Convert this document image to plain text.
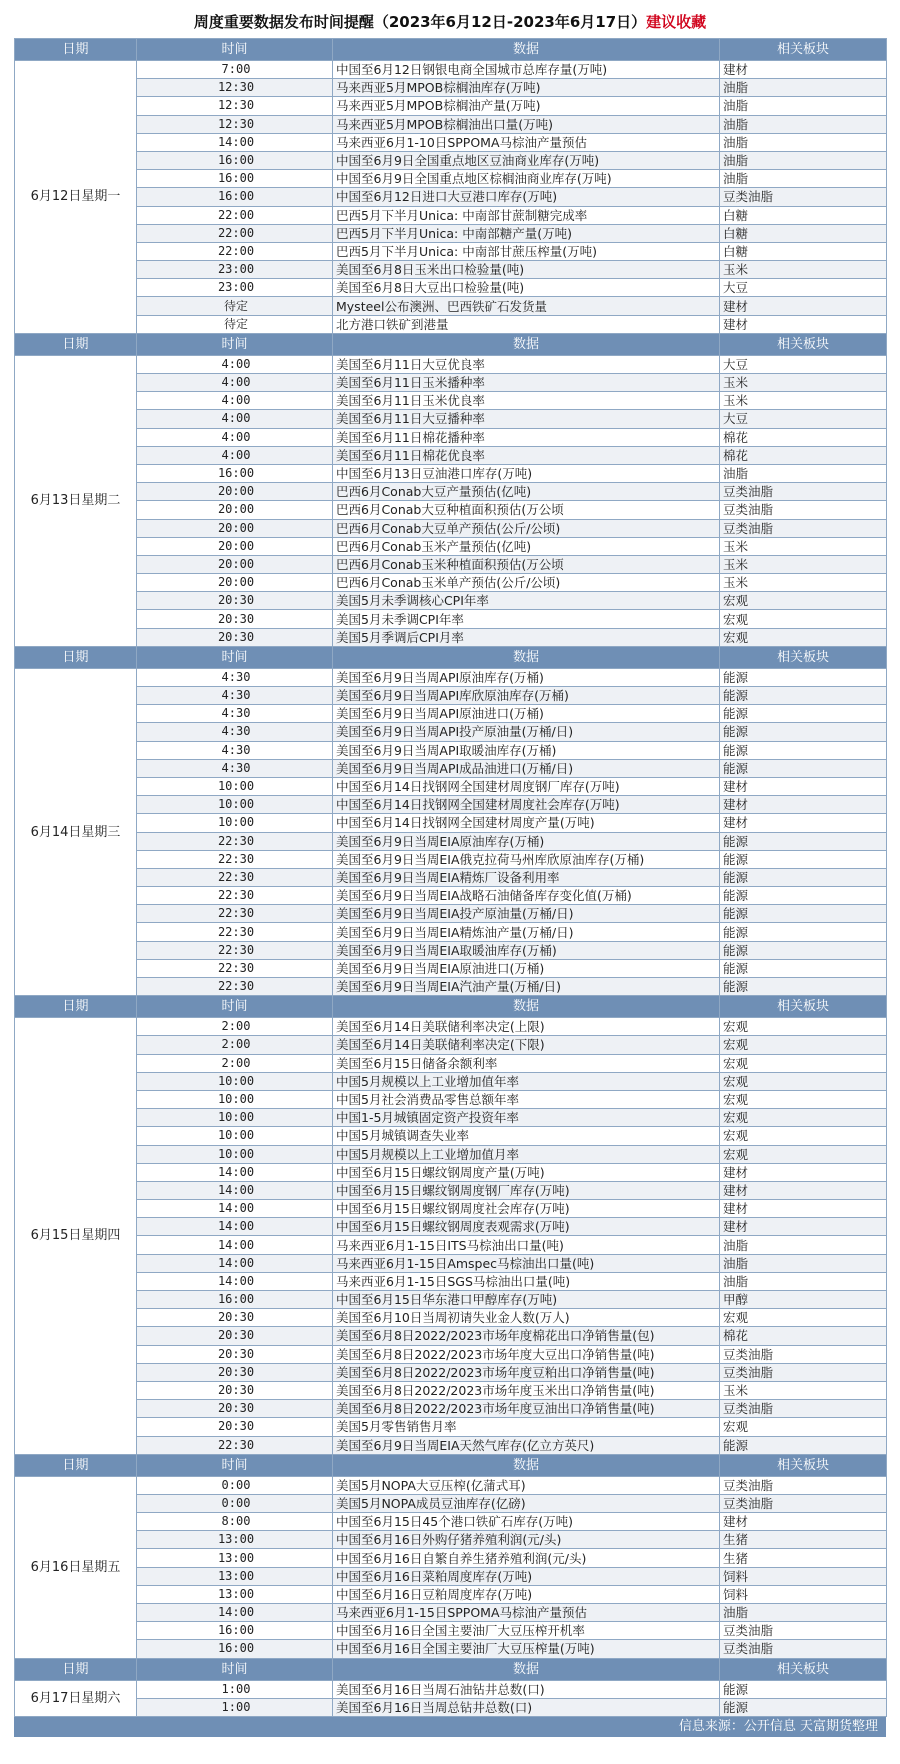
周度重要数据发布时间提醒（2023年6月12日-2023年6月17日）建议收藏
日期	时间	数据	相关板块
6月12日星期一	7:00	中国至6月12日钢银电商全国城市总库存量(万吨)	建材
	12:30	马来西亚5月MPOB棕榈油库存(万吨)	油脂
	12:30	马来西亚5月MPOB棕榈油产量(万吨)	油脂
	12:30	马来西亚5月MPOB棕榈油出口量(万吨)	油脂
	14:00	马来西亚6月1-10日SPPOMA马棕油产量预估	油脂
	16:00	中国至6月9日全国重点地区豆油商业库存(万吨)	油脂
	16:00	中国至6月9日全国重点地区棕榈油商业库存(万吨)	油脂
	16:00	中国至6月12日进口大豆港口库存(万吨)	豆类油脂
	22:00	巴西5月下半月Unica: 中南部甘蔗制糖完成率	白糖
	22:00	巴西5月下半月Unica: 中南部糖产量(万吨)	白糖
	22:00	巴西5月下半月Unica: 中南部甘蔗压榨量(万吨)	白糖
	23:00	美国至6月8日玉米出口检验量(吨)	玉米
	23:00	美国至6月8日大豆出口检验量(吨)	大豆
	待定	Mysteel公布澳洲、巴西铁矿石发货量	建材
	待定	北方港口铁矿到港量	建材
日期	时间	数据	相关板块
6月13日星期二	4:00	美国至6月11日大豆优良率	大豆
	4:00	美国至6月11日玉米播种率	玉米
	4:00	美国至6月11日玉米优良率	玉米
	4:00	美国至6月11日大豆播种率	大豆
	4:00	美国至6月11日棉花播种率	棉花
	4:00	美国至6月11日棉花优良率	棉花
	16:00	中国至6月13日豆油港口库存(万吨)	油脂
	20:00	巴西6月Conab大豆产量预估(亿吨)	豆类油脂
	20:00	巴西6月Conab大豆种植面积预估(万公顷	豆类油脂
	20:00	巴西6月Conab大豆单产预估(公斤/公顷)	豆类油脂
	20:00	巴西6月Conab玉米产量预估(亿吨)	玉米
	20:00	巴西6月Conab玉米种植面积预估(万公顷	玉米
	20:00	巴西6月Conab玉米单产预估(公斤/公顷)	玉米
	20:30	美国5月未季调核心CPI年率	宏观
	20:30	美国5月未季调CPI年率	宏观
	20:30	美国5月季调后CPI月率	宏观
日期	时间	数据	相关板块
6月14日星期三	4:30	美国至6月9日当周API原油库存(万桶)	能源
	4:30	美国至6月9日当周API库欣原油库存(万桶)	能源
	4:30	美国至6月9日当周API原油进口(万桶)	能源
	4:30	美国至6月9日当周API投产原油量(万桶/日)	能源
	4:30	美国至6月9日当周API取暖油库存(万桶)	能源
	4:30	美国至6月9日当周API成品油进口(万桶/日)	能源
	10:00	中国至6月14日找钢网全国建材周度钢厂库存(万吨)	建材
	10:00	中国至6月14日找钢网全国建材周度社会库存(万吨)	建材
	10:00	中国至6月14日找钢网全国建材周度产量(万吨)	建材
	22:30	美国至6月9日当周EIA原油库存(万桶)	能源
	22:30	美国至6月9日当周EIA俄克拉荷马州库欣原油库存(万桶)	能源
	22:30	美国至6月9日当周EIA精炼厂设备利用率	能源
	22:30	美国至6月9日当周EIA战略石油储备库存变化值(万桶)	能源
	22:30	美国至6月9日当周EIA投产原油量(万桶/日)	能源
	22:30	美国至6月9日当周EIA精炼油产量(万桶/日)	能源
	22:30	美国至6月9日当周EIA取暖油库存(万桶)	能源
	22:30	美国至6月9日当周EIA原油进口(万桶)	能源
	22:30	美国至6月9日当周EIA汽油产量(万桶/日)	能源
日期	时间	数据	相关板块
6月15日星期四	2:00	美国至6月14日美联储利率决定(上限)	宏观
	2:00	美国至6月14日美联储利率决定(下限)	宏观
	2:00	美国至6月15日储备余额利率	宏观
	10:00	中国5月规模以上工业增加值年率	宏观
	10:00	中国5月社会消费品零售总额年率	宏观
	10:00	中国1-5月城镇固定资产投资年率	宏观
	10:00	中国5月城镇调查失业率	宏观
	10:00	中国5月规模以上工业增加值月率	宏观
	14:00	中国至6月15日螺纹钢周度产量(万吨)	建材
	14:00	中国至6月15日螺纹钢周度钢厂库存(万吨)	建材
	14:00	中国至6月15日螺纹钢周度社会库存(万吨)	建材
	14:00	中国至6月15日螺纹钢周度表观需求(万吨)	建材
	14:00	马来西亚6月1-15日ITS马棕油出口量(吨)	油脂
	14:00	马来西亚6月1-15日Amspec马棕油出口量(吨)	油脂
	14:00	马来西亚6月1-15日SGS马棕油出口量(吨)	油脂
	16:00	中国至6月15日华东港口甲醇库存(万吨)	甲醇
	20:30	美国至6月10日当周初请失业金人数(万人)	宏观
	20:30	美国至6月8日2022/2023市场年度棉花出口净销售量(包)	棉花
	20:30	美国至6月8日2022/2023市场年度大豆出口净销售量(吨)	豆类油脂
	20:30	美国至6月8日2022/2023市场年度豆粕出口净销售量(吨)	豆类油脂
	20:30	美国至6月8日2022/2023市场年度玉米出口净销售量(吨)	玉米
	20:30	美国至6月8日2022/2023市场年度豆油出口净销售量(吨)	豆类油脂
	20:30	美国5月零售销售月率	宏观
	22:30	美国至6月9日当周EIA天然气库存(亿立方英尺)	能源
日期	时间	数据	相关板块
6月16日星期五	0:00	美国5月NOPA大豆压榨(亿蒲式耳)	豆类油脂
	0:00	美国5月NOPA成员豆油库存(亿磅)	豆类油脂
	8:00	中国至6月15日45个港口铁矿石库存(万吨)	建材
	13:00	中国至6月16日外购仔猪养殖利润(元/头)	生猪
	13:00	中国至6月16日自繁自养生猪养殖利润(元/头)	生猪
	13:00	中国至6月16日菜粕周度库存(万吨)	饲料
	13:00	中国至6月16日豆粕周度库存(万吨)	饲料
	14:00	马来西亚6月1-15日SPPOMA马棕油产量预估	油脂
	16:00	中国至6月16日全国主要油厂大豆压榨开机率	豆类油脂
	16:00	中国至6月16日全国主要油厂大豆压榨量(万吨)	豆类油脂
日期	时间	数据	相关板块
6月17日星期六	1:00	美国至6月16日当周石油钻井总数(口)	能源
	1:00	美国至6月16日当周总钻井总数(口)	能源
信息来源：公开信息 天富期货整理
